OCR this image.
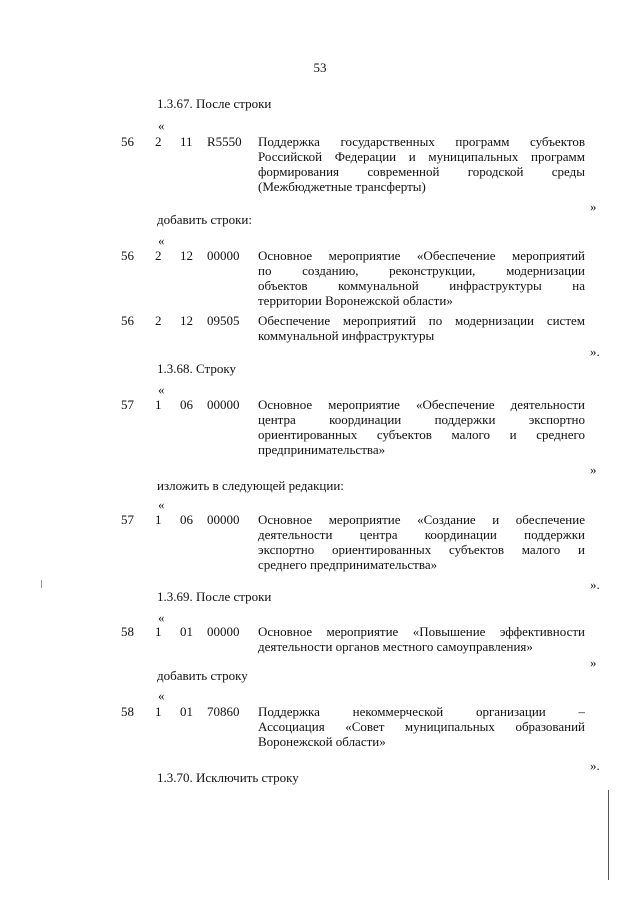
53
1.3.67. После строки
«
56 2 11 R5550 Поддержка государственных программ субъектов
Российской Федерации и муниципальных программ
формирования современной городской среды
(Межбюджетные трансферты)
»
добавить строки:
«
56 2 12 00000 Основное мероприятие «Обеспечение мероприятий
по созданию, реконструкции, модернизации
объектов коммунальной инфраструктуры на
территории Воронежской области»
56 2 12 09505 Обеспечение мероприятий по модернизации систем
коммунальной инфраструктуры
».
1.3.68. Строку
«
57 1 06 00000 Основное мероприятие «Обеспечение деятельности
центра координации поддержки экспортно
ориентированных субъектов малого и среднего
предпринимательства»
»
изложить в следующей редакции:
«
57 1 06 00000 Основное мероприятие «Создание и обеспечение
деятельности центра координации поддержки
экспортно ориентированных субъектов малого и
среднего предпринимательства»
».
1.3.69. После строки
«
58 1 01 00000 Основное мероприятие «Повышение эффективности
деятельности органов местного самоуправления»
»
добавить строку
«
58 1 01 70860 Поддержка некоммерческой организации –
Ассоциация «Совет муниципальных образований
Воронежской области»
».
1.3.70. Исключить строку
